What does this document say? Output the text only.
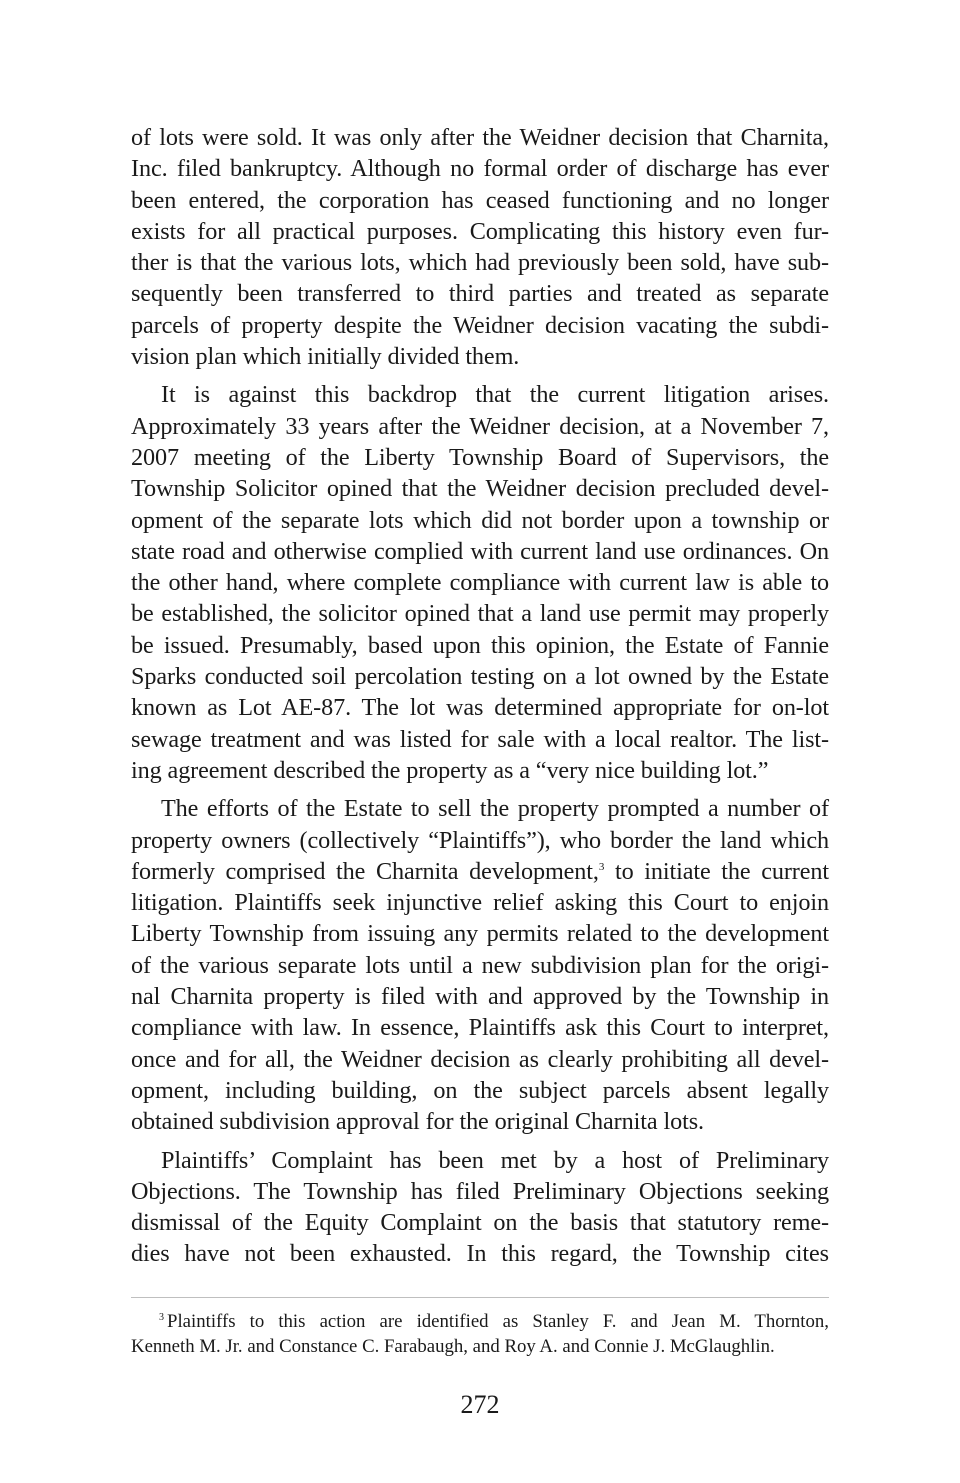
of lots were sold. It was only after the Weidner decision that Charnita,
Inc. filed bankruptcy. Although no formal order of discharge has ever
been entered, the corporation has ceased functioning and no longer
exists for all practical purposes. Complicating this history even fur-
ther is that the various lots, which had previously been sold, have sub-
sequently been transferred to third parties and treated as separate
parcels of property despite the Weidner decision vacating the subdi-
vision plan which initially divided them.
It is against this backdrop that the current litigation arises.
Approximately 33 years after the Weidner decision, at a November 7,
2007 meeting of the Liberty Township Board of Supervisors, the
Township Solicitor opined that the Weidner decision precluded devel-
opment of the separate lots which did not border upon a township or
state road and otherwise complied with current land use ordinances. On
the other hand, where complete compliance with current law is able to
be established, the solicitor opined that a land use permit may properly
be issued. Presumably, based upon this opinion, the Estate of Fannie
Sparks conducted soil percolation testing on a lot owned by the Estate
known as Lot AE-87. The lot was determined appropriate for on-lot
sewage treatment and was listed for sale with a local realtor. The list-
ing agreement described the property as a “very nice building lot.”
The efforts of the Estate to sell the property prompted a number of
property owners (collectively “Plaintiffs”), who border the land which
formerly comprised the Charnita development,$^3$ to initiate the current
litigation. Plaintiffs seek injunctive relief asking this Court to enjoin
Liberty Township from issuing any permits related to the development
of the various separate lots until a new subdivision plan for the origi-
nal Charnita property is filed with and approved by the Township in
compliance with law. In essence, Plaintiffs ask this Court to interpret,
once and for all, the Weidner decision as clearly prohibiting all devel-
opment, including building, on the subject parcels absent legally
obtained subdivision approval for the original Charnita lots.
Plaintiffs’ Complaint has been met by a host of Preliminary
Objections. The Township has filed Preliminary Objections seeking
dismissal of the Equity Complaint on the basis that statutory reme-
dies have not been exhausted. In this regard, the Township cites
$^3$ Plaintiffs to this action are identified as Stanley F. and Jean M. Thornton,
Kenneth M. Jr. and Constance C. Farabaugh, and Roy A. and Connie J. McGlaughlin.
272
